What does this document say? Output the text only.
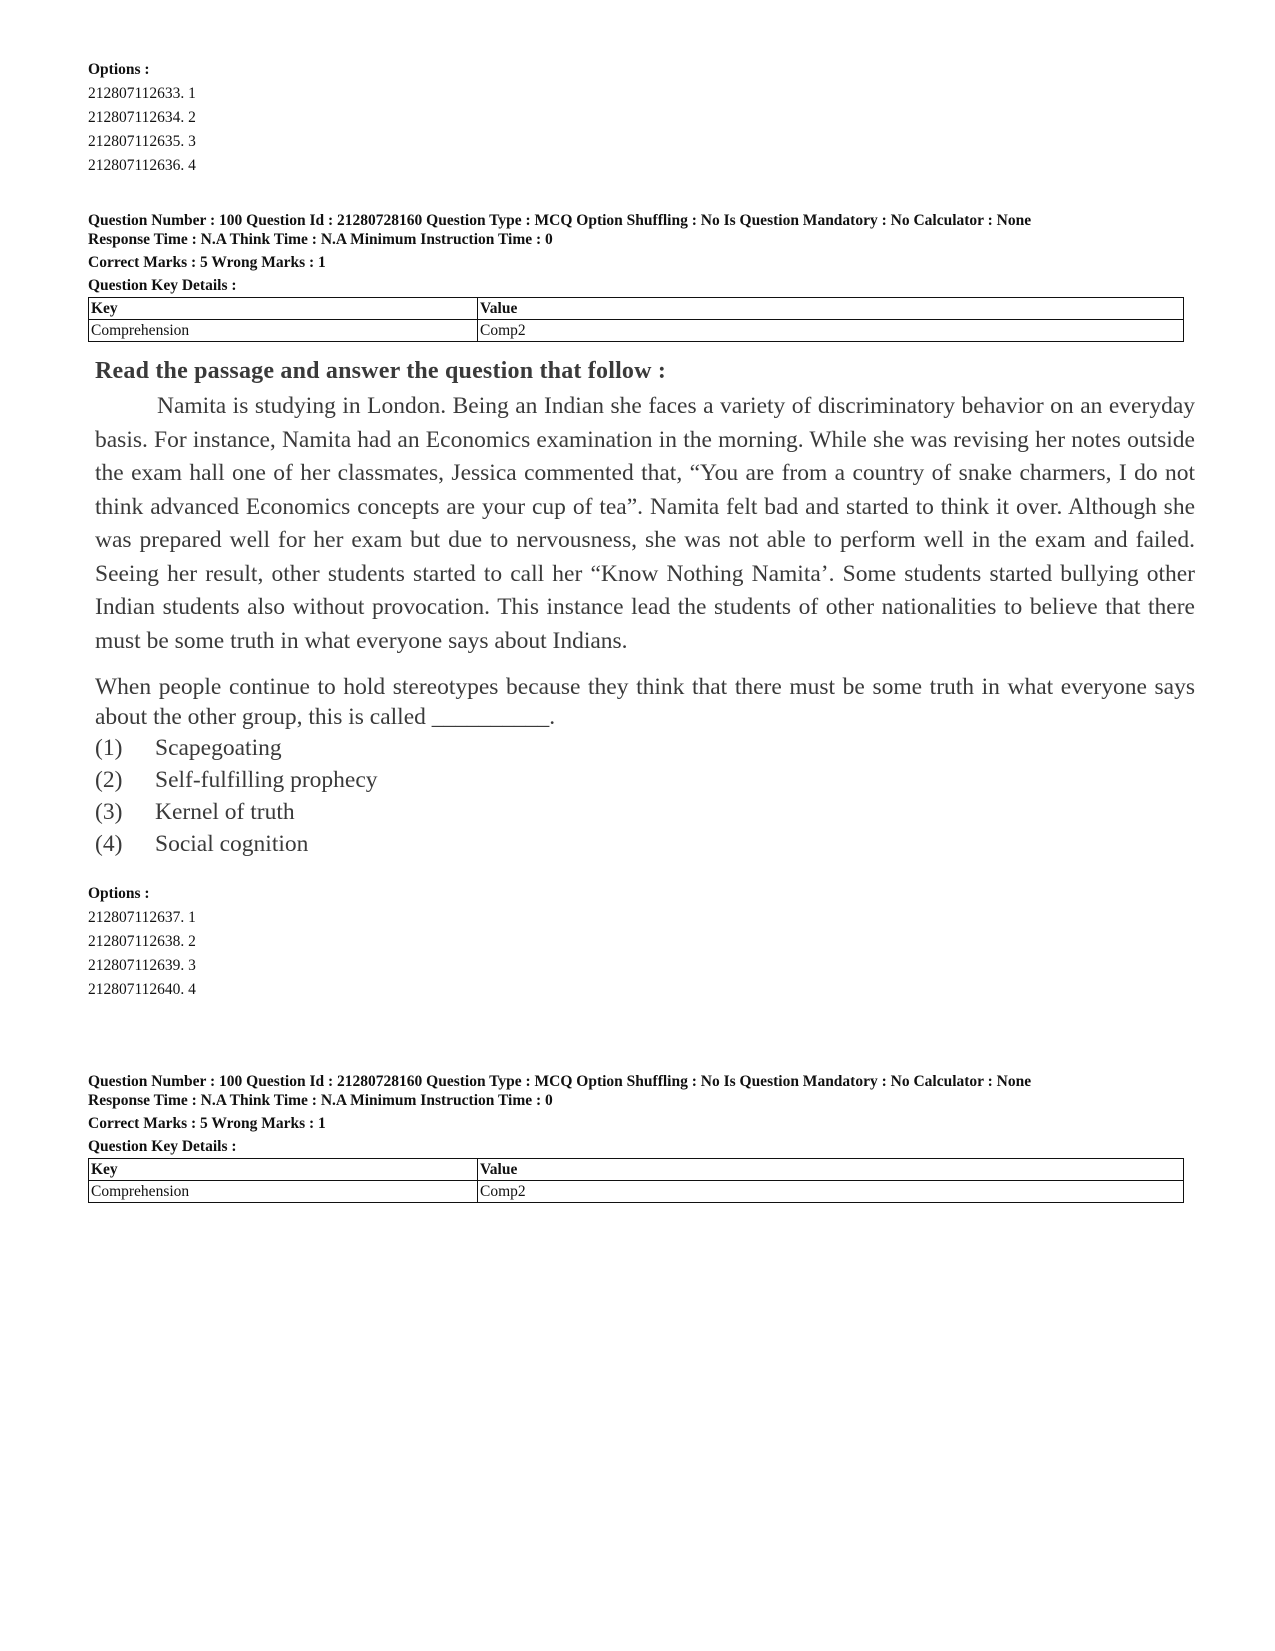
Options :
212807112633. 1
212807112634. 2
212807112635. 3
212807112636. 4
Question Number : 100 Question Id : 21280728160 Question Type : MCQ Option Shuffling : No Is Question Mandatory : No Calculator : None
Response Time : N.A Think Time : N.A Minimum Instruction Time : 0
Correct Marks : 5 Wrong Marks : 1
Question Key Details :
Key	Value
Comprehension	Comp2
Read the passage and answer the question that follow :
Namita is studying in London. Being an Indian she faces a variety of discriminatory behavior on an everyday basis. For instance, Namita had an Economics examination in the morning. While she was revising her notes outside the exam hall one of her classmates, Jessica commented that, “You are from a country of snake charmers, I do not think advanced Economics concepts are your cup of tea”. Namita felt bad and started to think it over. Although she was prepared well for her exam but due to nervousness, she was not able to perform well in the exam and failed. Seeing her result, other students started to call her “Know Nothing Namita’. Some students started bullying other Indian students also without provocation. This instance lead the students of other nationalities to believe that there must be some truth in what everyone says about Indians.
When people continue to hold stereotypes because they think that there must be some truth in what everyone says about the other group, this is called __________.
(1) Scapegoating
(2) Self-fulfilling prophecy
(3) Kernel of truth
(4) Social cognition
Options :
212807112637. 1
212807112638. 2
212807112639. 3
212807112640. 4
Question Number : 100 Question Id : 21280728160 Question Type : MCQ Option Shuffling : No Is Question Mandatory : No Calculator : None
Response Time : N.A Think Time : N.A Minimum Instruction Time : 0
Correct Marks : 5 Wrong Marks : 1
Question Key Details :
Key	Value
Comprehension	Comp2
